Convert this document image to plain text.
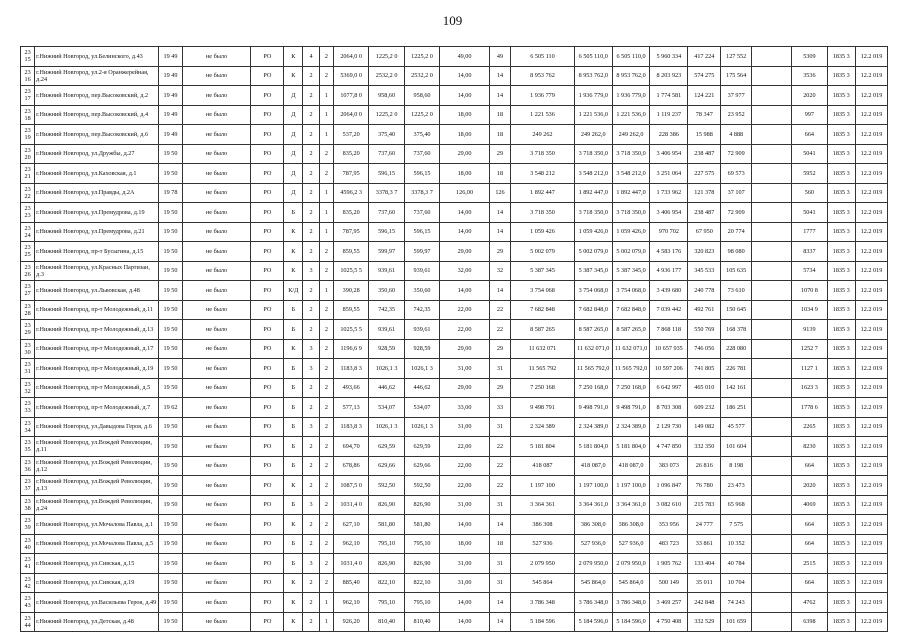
109
23
15	г.Нижний Новгород, ул.Белинского, д.43	19 49	не было	РО	К	4	2	2064,0 0	1225,2 0	1225,2 0	49,00	49	6 505 110	6 505 110,0	6 505 110,0	5 960 334	417 224	127 552		5309	1835 3	12.2 019	

23
16	г.Нижний Новгород, ул.2-я Оранжерейная, д.24	19 49	не было	РО	К	2	2	5369,0 0	2532,2 0	2532,2 0	14,00	14	8 953 762	8 953 762,0	8 953 762,0	8 203 923	574 275	175 564		3536	1835 3	12.2 019	

23
17	г.Нижний Новгород, пер.Высоковский, д.2	19 49	не было	РО	Д	2	1	1077,8 0	958,60	958,60	14,00	14	1 936 779	1 936 779,0	1 936 779,0	1 774 581	124 221	37 977		2020	1835 3	12.2 019	

23
18	г.Нижний Новгород, пер.Высоковский, д.4	19 49	не было	РО	Д	2	1	2064,0 0	1225,2 0	1225,2 0	18,00	18	1 221 536	1 221 536,0	1 221 536,0	1 119 237	78 347	23 952		997	1835 3	12.2 019	

23
19	г.Нижний Новгород, пер.Высоковский, д.6	19 49	не было	РО	Д	2	1	537,20	375,40	375,40	18,00	18	249 262	249 262,0	249 262,0	228 386	15 988	4 888		664	1835 3	12.2 019	

23
20	г.Нижний Новгород, ул.Дружбы, д.27	19 50	не было	РО	Д	2	2	835,20	737,60	737,60	29,00	29	3 718 350	3 718 350,0	3 718 350,0	3 406 954	238 487	72 909		5041	1835 3	12.2 019	

23
21	г.Нижний Новгород, ул.Каховская, д.1	19 50	не было	РО	Д	2	2	787,95	596,15	596,15	18,00	18	3 548 212	3 548 212,0	3 548 212,0	3 251 064	227 575	69 573		5952	1835 3	12.2 019	

23
22	г.Нижний Новгород, ул.Правды, д.2А	19 78	не было	РО	Д	2	1	4596,2 3	3378,3 7	3378,3 7	126,00	126	1 892 447	1 892 447,0	1 892 447,0	1 733 962	121 378	37 107		560	1835 3	12.2 019	

23
23	г.Нижний Новгород, ул.Премудрова, д.19	19 50	не было	РО	Б	2	1	835,20	737,60	737,60	14,00	14	3 718 350	3 718 350,0	3 718 350,0	3 406 954	238 487	72 909		5041	1835 3	12.2 019	

23
24	г.Нижний Новгород, ул.Премудрова, д.21	19 50	не было	РО	К	2	1	787,95	596,15	596,15	14,00	14	1 059 426	1 059 426,0	1 059 426,0	970 702	67 950	20 774		1777	1835 3	12.2 019	

23
25	г.Нижний Новгород, пр-т Бусыгина, д.15	19 50	не было	РО	К	2	2	859,55	599,97	599,97	29,00	29	5 002 079	5 002 079,0	5 002 079,0	4 583 176	320 823	98 080		8337	1835 3	12.2 019	

23
26	г.Нижний Новгород, ул.Красных Партизан, д.3	19 50	не было	РО	К	3	2	1025,5 5	939,61	939,61	32,00	32	5 387 345	5 387 345,0	5 387 345,0	4 936 177	345 533	105 635		5734	1835 3	12.2 019	

23
27	г.Нижний Новгород, ул.Львовская, д.48	19 50	не было	РО	К/Д	2	1	390,28	350,60	350,60	14,00	14	3 754 068	3 754 068,0	3 754 068,0	3 439 680	240 778	73 610		1070 8	1835 3	12.2 019	

23
28	г.Нижний Новгород, пр-т Молодежный, д.11	19 50	не было	РО	Б	2	2	859,55	742,35	742,35	22,00	22	7 682 848	7 682 848,0	7 682 848,0	7 039 442	492 761	150 645		1034 9	1835 3	12.2 019	

23
29	г.Нижний Новгород, пр-т Молодежный, д.13	19 50	не было	РО	Б	2	2	1025,5 5	939,61	939,61	22,00	22	8 587 265	8 587 265,0	8 587 265,0	7 868 118	550 769	168 378		9139	1835 3	12.2 019	

23
30	г.Нижний Новгород, пр-т Молодежный, д.17	19 50	не было	РО	К	3	2	1196,6 9	928,59	928,59	29,00	29	11 632 071	11 632 071,0	11 632 071,0	10 657 935	746 056	228 080		1252 7	1835 3	12.2 019	

23
31	г.Нижний Новгород, пр-т Молодежный, д.19	19 50	не было	РО	Б	3	2	1183,8 3	1026,1 3	1026,1 3	31,00	31	11 565 792	11 565 792,0	11 565 792,0	10 597 206	741 805	226 781		1127 1	1835 3	12.2 019	

23
32	г.Нижний Новгород, пр-т Молодежный, д.5	19 50	не было	РО	Б	2	2	493,66	446,62	446,62	29,00	29	7 250 168	7 250 168,0	7 250 168,0	6 642 997	465 010	142 161		1623 3	1835 3	12.2 019	

23
33	г.Нижний Новгород, пр-т Молодежный, д.7	19 62	не было	РО	Б	2	2	577,13	534,07	534,07	33,00	33	9 498 791	9 498 791,0	9 498 791,0	8 703 308	609 232	186 251		1778 6	1835 3	12.2 019	

23
34	г.Нижний Новгород, ул.Давыдова Героя, д.6	19 50	не было	РО	Б	3	2	1183,8 3	1026,1 3	1026,1 3	31,00	31	2 324 389	2 324 389,0	2 324 389,0	2 129 730	149 082	45 577		2265	1835 3	12.2 019	

23
35	г.Нижний Новгород, ул.Вождей Революции, д.11	19 50	не было	РО	Б	2	2	694,70	629,59	629,59	22,00	22	5 181 804	5 181 804,0	5 181 804,0	4 747 850	332 350	101 604		8230	1835 3	12.2 019	

23
36	г.Нижний Новгород, ул.Вождей Революции, д.12	19 50	не было	РО	Б	2	2	678,86	629,66	629,66	22,00	22	418 087	418 087,0	418 087,0	383 073	26 816	8 198		664	1835 3	12.2 019	

23
37	г.Нижний Новгород, ул.Вождей Революции, д.13	19 50	не было	РО	К	2	2	1087,5 0	592,50	592,50	22,00	22	1 197 100	1 197 100,0	1 197 100,0	1 096 847	76 780	23 473		2020	1835 3	12.2 019	

23
38	г.Нижний Новгород, ул.Вождей Революции, д.24	19 50	не было	РО	Б	3	2	1031,4 0	826,90	826,90	31,00	31	3 364 361	3 364 361,0	3 364 361,0	3 082 610	215 783	65 968		4069	1835 3	12.2 019	

23
39	г.Нижний Новгород, ул.Мочалова Павла, д.1	19 50	не было	РО	К	2	2	627,10	581,80	581,80	14,00	14	386 308	386 308,0	386 308,0	353 956	24 777	7 575		664	1835 3	12.2 019	

23
40	г.Нижний Новгород, ул.Мочалова Павла, д.5	19 50	не было	РО	Б	2	2	962,10	795,10	795,10	18,00	18	527 936	527 936,0	527 936,0	483 723	33 861	10 352		664	1835 3	12.2 019	

23
41	г.Нижний Новгород, ул.Сивская, д.15	19 50	не было	РО	Б	3	2	1031,4 0	826,90	826,90	31,00	31	2 079 950	2 079 950,0	2 079 950,0	1 905 762	133 404	40 784		2515	1835 3	12.2 019	

23
42	г.Нижний Новгород, ул.Сивская, д.19	19 50	не было	РО	К	2	2	885,40	822,10	822,10	31,00	31	545 864	545 864,0	545 864,0	500 149	35 011	10 704		664	1835 3	12.2 019	

23
43	г.Нижний Новгород, ул.Васильева Героя, д.49	19 50	не было	РО	К	2	1	962,10	795,10	795,10	14,00	14	3 786 348	3 786 348,0	3 786 348,0	3 469 257	242 848	74 243		4762	1835 3	12.2 019	

23
44	г.Нижний Новгород, ул.Детская, д.48	19 50	не было	РО	К	2	1	926,20	810,40	810,40	14,00	14	5 184 596	5 184 596,0	5 184 596,0	4 750 408	332 529	101 659		6398	1835 3	12.2 019	
